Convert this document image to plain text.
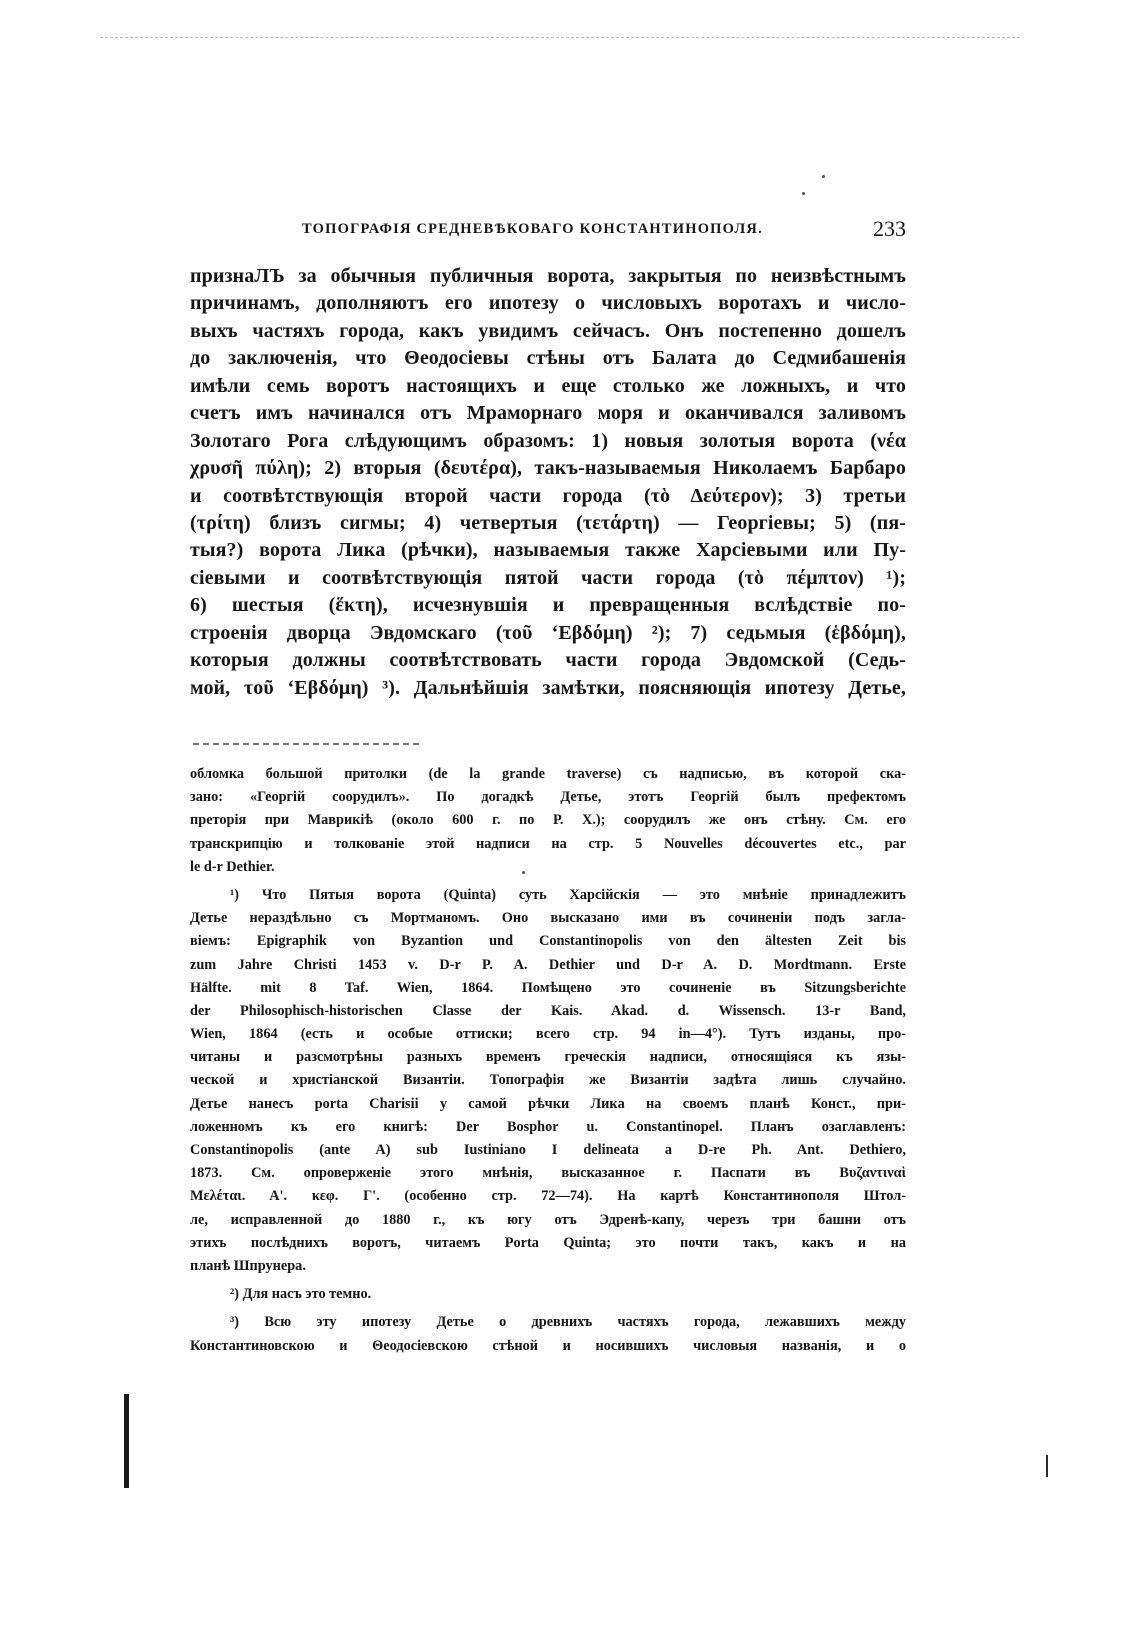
ТОПОГРАФІЯ СРЕДНЕВѢКОВАГО КОНСТАНТИНОПОЛЯ.	233
признаЛЪ за обычныя публичныя ворота, закрытыя по неизвѣстнымъ
причинамъ, дополняютъ его ипотезу о числовыхъ воротахъ и число-
выхъ частяхъ города, какъ увидимъ сейчасъ. Онъ постепенно дошелъ
до заключенія, что Θеодосіевы стѣны отъ Балата до Седмибашенія
имѣли семь воротъ настоящихъ и еще столько же ложныхъ, и что
счетъ имъ начинался отъ Мраморнаго моря и оканчивался заливомъ
Золотаго Рога слѣдующимъ образомъ: 1) новыя золотыя ворота (νέα
χρυσῆ πύλη); 2) вторыя (δευτέρα), такъ-называемыя Николаемъ Барбаро
и соотвѣтствующія второй части города (τὸ Δεύτερον); 3) третьи
(τρίτη) близъ сигмы; 4) четвертыя (τετάρτη) — Георгіевы; 5) (пя-
тыя?) ворота Ликa (рѣчки), называемыя также Харсіевыми или Пу-
сіевыми и соотвѣтствующія пятой части города (τὸ πέμπτον) ¹);
6) шестыя (ἕκτη), исчезнувшія и превращенныя вслѣдствіе по-
строенія дворца Эвдомскаго (τοῦ ʻΕβδόμη) ²); 7) седьмыя (ἑβδόμη),
которыя должны соотвѣтствовать части города Эвдомской (Седь-
мой, τοῦ ʻΕβδόμη) ³). Дальнѣйшія замѣтки, поясняющія ипотезу Детье,
облoмка большой притолки (de la grande traverse) съ надписью, въ которой ска-
зано: «Георгій соорудилъ». По догадкѣ Детье, этотъ Георгій былъ префектомъ
преторія при Маврикіѣ (около 600 г. по Р. Х.); соорудилъ же онъ стѣну. См. его
транскрипцію и толкованіе этой надписи на стр. 5 Nouvelles découvertes etc., par
le d-r Dethier.
¹) Что Пятыя ворота (Quinta) суть Харсійскія — это мнѣніе принадлежитъ
Детье нераздѣльно съ Мортманомъ. Оно высказано ими въ сочиненіи подъ загла-
віемъ: Epigraphik von Byzantion und Constantinopolis von den ältesten Zeit bis
zum Jahre Christi 1453 v. D-r P. A. Dethier und D-r A. D. Mordtmann. Erste
Hälfte. mit 8 Taf. Wien, 1864. Помѣщено это сочиненіе въ Sitzungsberichte
der Philosophisch-historischen Classe der Kais. Akad. d. Wissensch. 13-r Band,
Wien, 1864 (есть и особые оттиски; всего стр. 94 in—4°). Тутъ изданы, про-
читаны и разсмотрѣны разныхъ временъ греческія надписи, относящіяся къ язы-
ческой и христіанской Византіи. Топографія же Византіи задѣта лишь случайно.
Детье нанесъ porta Charisii у самой рѣчки Ликa на своемъ планѣ Конст., при-
ложенномъ къ его книгѣ: Der Bosphor u. Constantinopel. Планъ озаглавленъ:
Constantinopolis (ante A) sub Iustiniano I delineata a D-re Ph. Ant. Dethiero,
1873. См. опровержeніе этого мнѣнія, высказанное г. Паспати въ Βυζαντιναὶ
Μελέται. Α'. κεφ. Γ'. (особенно стр. 72—74). На картѣ Константинополя Штол-
ле, исправленной до 1880 г., къ югу отъ Эдренѣ-капу, черезъ три башни отъ
этихъ послѣднихъ воротъ, читаемъ Porta Quinta; это почти такъ, какъ и на
планѣ Шпрунера.
²) Для насъ это темно.
³) Всю эту ипотезу Детье о древнихъ частяхъ города, лежавшихъ между
Константиновскою и Θеодосіевскою стѣной и носившихъ числовыя названія, и о
